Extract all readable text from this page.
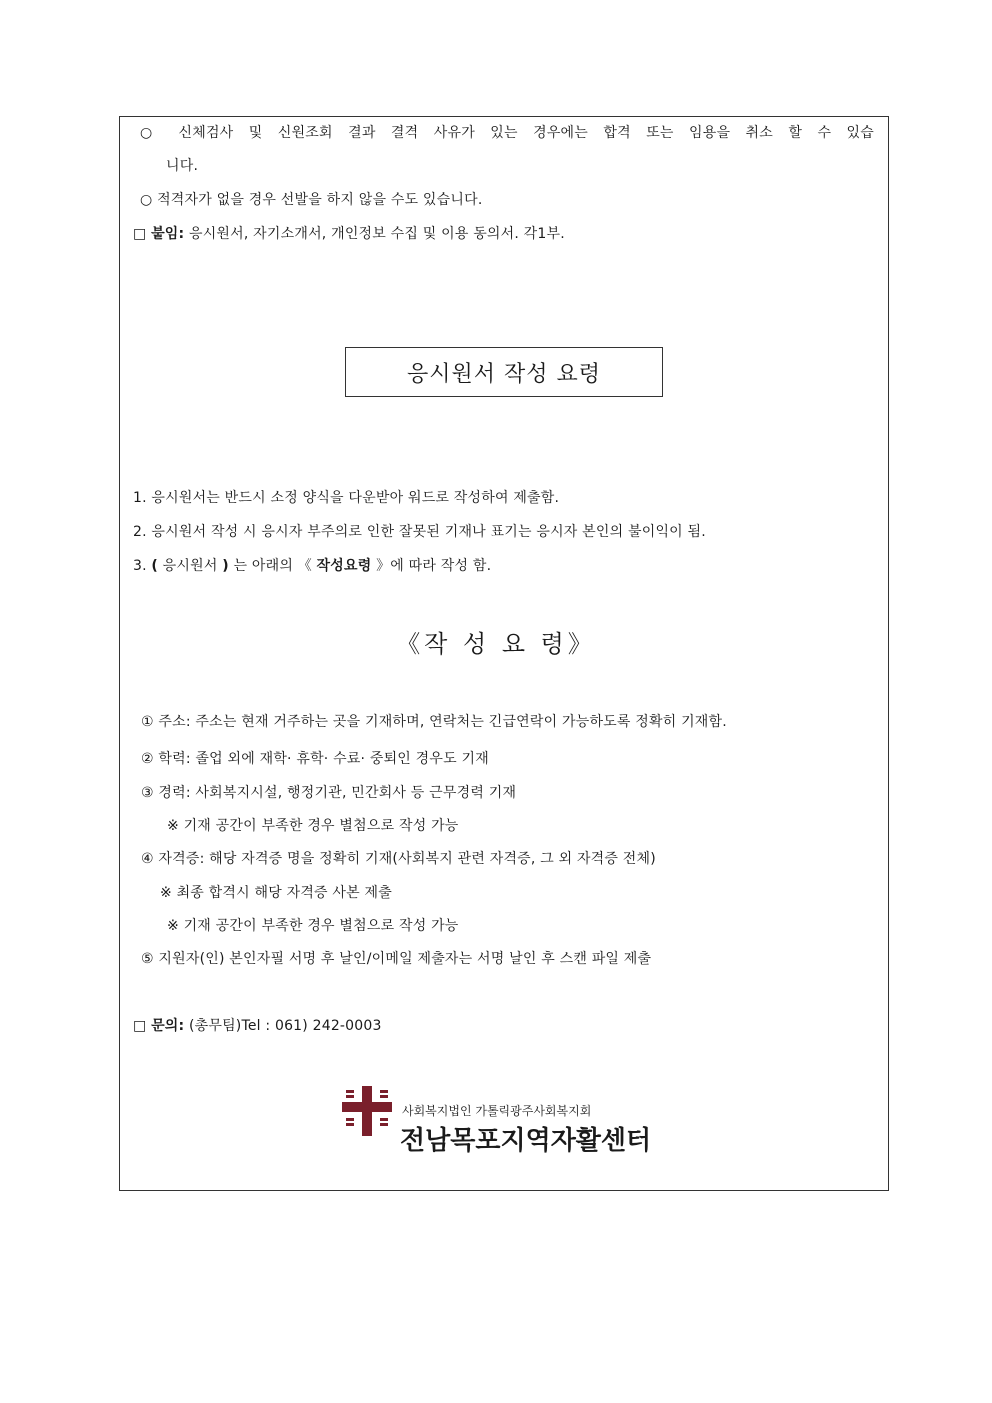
○ 신체검사 및 신원조회 결과 결격 사유가 있는 경우에는 합격 또는 임용을 취소 할 수 있습
니다.
○ 적격자가 없을 경우 선발을 하지 않을 수도 있습니다.
□ 붙임: 응시원서, 자기소개서, 개인정보 수집 및 이용 동의서. 각1부.
응시원서 작성 요령
1. 응시원서는 반드시 소정 양식을 다운받아 워드로 작성하여 제출함.
2. 응시원서 작성 시 응시자 부주의로 인한 잘못된 기재나 표기는 응시자 본인의 불이익이 됨.
3. ( 응시원서 ) 는 아래의 《 작성요령 》에 따라 작성 함.
《작 성 요 령》
① 주소: 주소는 현재 거주하는 곳을 기재하며, 연락처는 긴급연락이 가능하도록 정확히 기재함.
② 학력: 졸업 외에 재학· 휴학· 수료· 중퇴인 경우도 기재
③ 경력: 사회복지시설, 행정기관, 민간회사 등 근무경력 기재
※ 기재 공간이 부족한 경우 별첨으로 작성 가능
④ 자격증: 해당 자격증 명을 정확히 기재(사회복지 관련 자격증, 그 외 자격증 전체)
※ 최종 합격시 해당 자격증 사본 제출
※ 기재 공간이 부족한 경우 별첨으로 작성 가능
⑤ 지원자(인) 본인자필 서명 후 날인/이메일 제출자는 서명 날인 후 스캔 파일 제출
□ 문의: (총무팀)Tel : 061) 242-0003
사회복지법인 가톨릭광주사회복지회
전남목포지역자활센터
